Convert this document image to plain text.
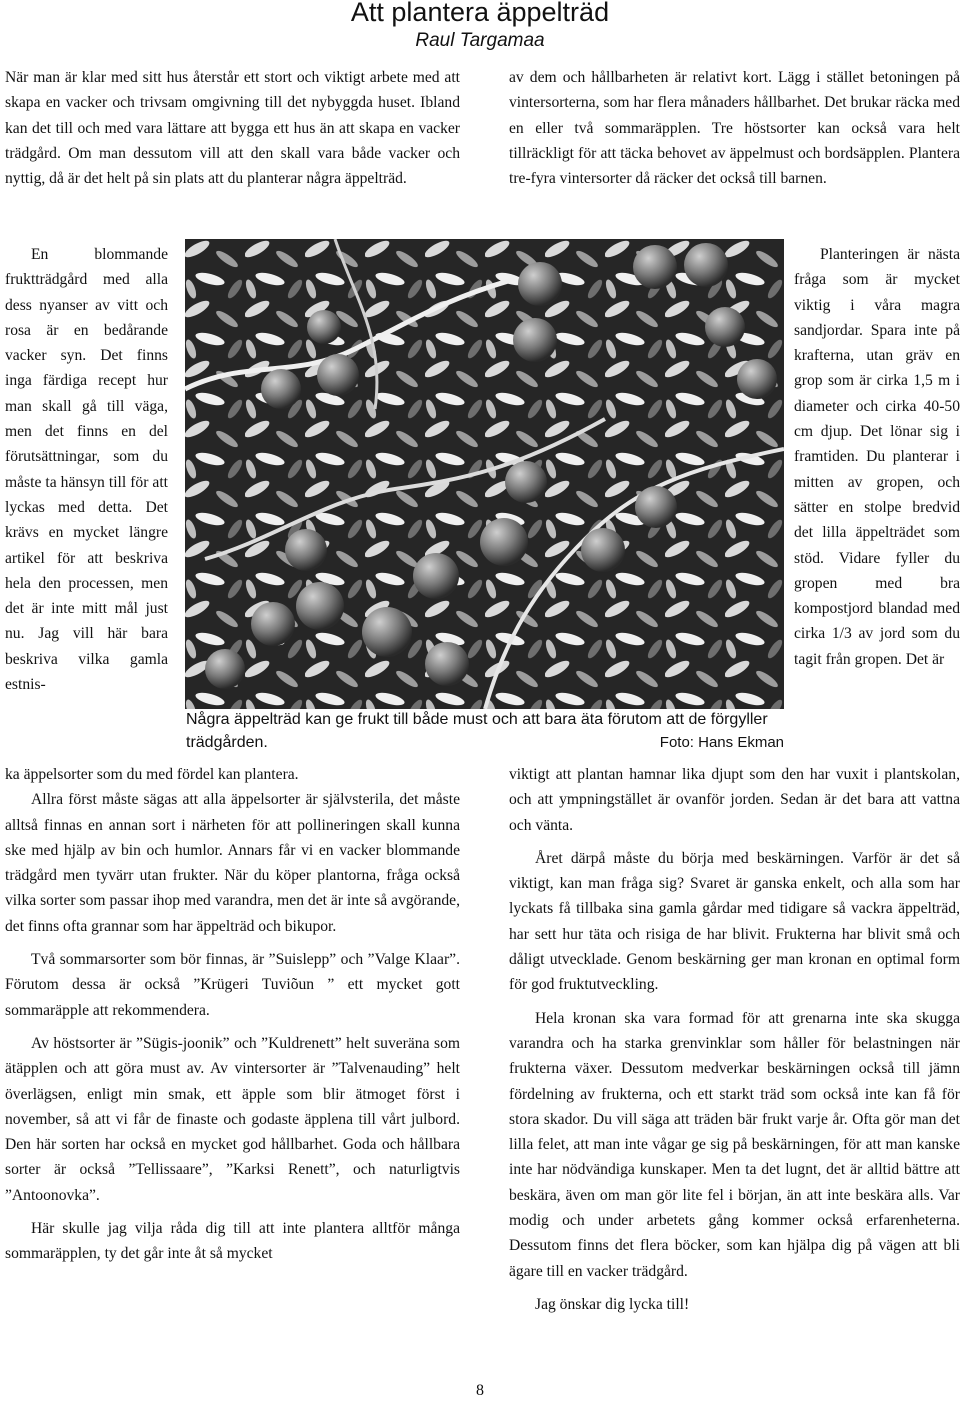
Att plantera äppelträd
Raul Targamaa

När man är klar med sitt hus återstår ett stort och viktigt arbete med att skapa en vacker och trivsam omgivning till det nybyggda huset. Ibland kan det till och med vara lättare att bygga ett hus än att skapa en vacker trädgård. Om man dessutom vill att den skall vara både vacker och nyttig, då är det helt på sin plats att du planterar några äppelträd.

En blommande fruktträdgård med alla dess nyanser av vitt och rosa är en bedårande vacker syn. Det finns inga färdiga recept hur man skall gå till väga, men det finns en del förutsättningar, som du måste ta hänsyn till för att lyckas med detta. Det krävs en mycket längre artikel för att beskriva hela den processen, men det är inte mitt mål just nu. Jag vill här bara beskriva vilka gamla estnis-

ka äppelsorter som du med fördel kan plantera.

Allra först måste sägas att alla äppelsorter är självsterila, det måste alltså finnas en annan sort i närheten för att pollineringen skall kunna ske med hjälp av bin och humlor. Annars får vi en vacker blommande trädgård men tyvärr utan frukter. När du köper plantorna, fråga också vilka sorter som passar ihop med varandra, men det är inte så avgörande, det finns ofta grannar som har äppelträd och bikupor.

Två sommarsorter som bör finnas, är ”Suislepp” och ”Valge Klaar”. Förutom dessa är också ”Krügeri Tuviõun ” ett mycket gott sommaräpple att rekommendera.

Av höstsorter är ”Sügis-joonik” och ”Kuldrenett” helt suveräna som ätäpplen och att göra must av. Av vintersorter är ”Talvenauding” helt överlägsen, enligt min smak, ett äpple som blir ätmoget först i november, så att vi får de finaste och godaste äpplena till vårt julbord. Den här sorten har också en mycket god hållbarhet. Goda och hållbara sorter är också ”Tellissaare”, ”Karksi Renett”, och naturligtvis ”Antoonovka”.

Här skulle jag vilja råda dig till att inte plantera alltför många sommaräpplen, ty det går inte åt så mycket

av dem och hållbarheten är relativt kort. Lägg i stället betoningen på vintersorterna, som har flera månaders hållbarhet. Det brukar räcka med en eller två sommaräpplen. Tre höstsorter kan också vara helt tillräckligt för att täcka behovet av äppelmust och bordsäpplen. Plantera tre-fyra vintersorter då räcker det också till barnen.

Planteringen är nästa fråga som är mycket viktig i våra magra sandjordar. Spara inte på krafterna, utan gräv en grop som är cirka 1,5 m i diameter och cirka 40-50 cm djup. Det lönar sig i framtiden. Du planterar i mitten av gropen, och sätter en stolpe bredvid det lilla äppelträdet som stöd. Vidare fyller du gropen med bra kompostjord blandad med cirka 1/3 av jord som du tagit från gropen. Det är

viktigt att plantan hamnar lika djupt som den har vuxit i plantskolan, och att ympningstället är ovanför jorden. Sedan är det bara att vattna och vänta.

Året därpå måste du börja med beskärningen. Varför är det så viktigt, kan man fråga sig? Svaret är ganska enkelt, och alla som har lyckats få tillbaka sina gamla gårdar med tidigare så vackra äppelträd, har sett hur täta och risiga de har blivit. Frukterna har blivit små och dåligt utvecklade. Genom beskärning ger man kronan en optimal form för god fruktutveckling.

Hela kronan ska vara formad för att grenarna inte ska skugga varandra och ha starka grenvinklar som håller för belastningen när frukterna växer. Dessutom medverkar beskärningen också till jämn fördelning av frukterna, och ett starkt träd som också inte kan få för stora skador. Du vill säga att träden bär frukt varje år. Ofta gör man det lilla felet, att man inte vågar ge sig på beskärningen, för att man kanske inte har nödvändiga kunskaper. Men ta det lugnt, det är alltid bättre att beskära, även om man gör lite fel i början, än att inte beskära alls. Var modig och under arbetets gång kommer också erfarenheterna. Dessutom finns det flera böcker, som kan hjälpa dig på vägen att bli ägare till en vacker trädgård.

Jag önskar dig lycka till!

Några äppelträd kan ge frukt till både must och att bara äta förutom att de förgyller trädgården.	Foto: Hans Ekman
8
